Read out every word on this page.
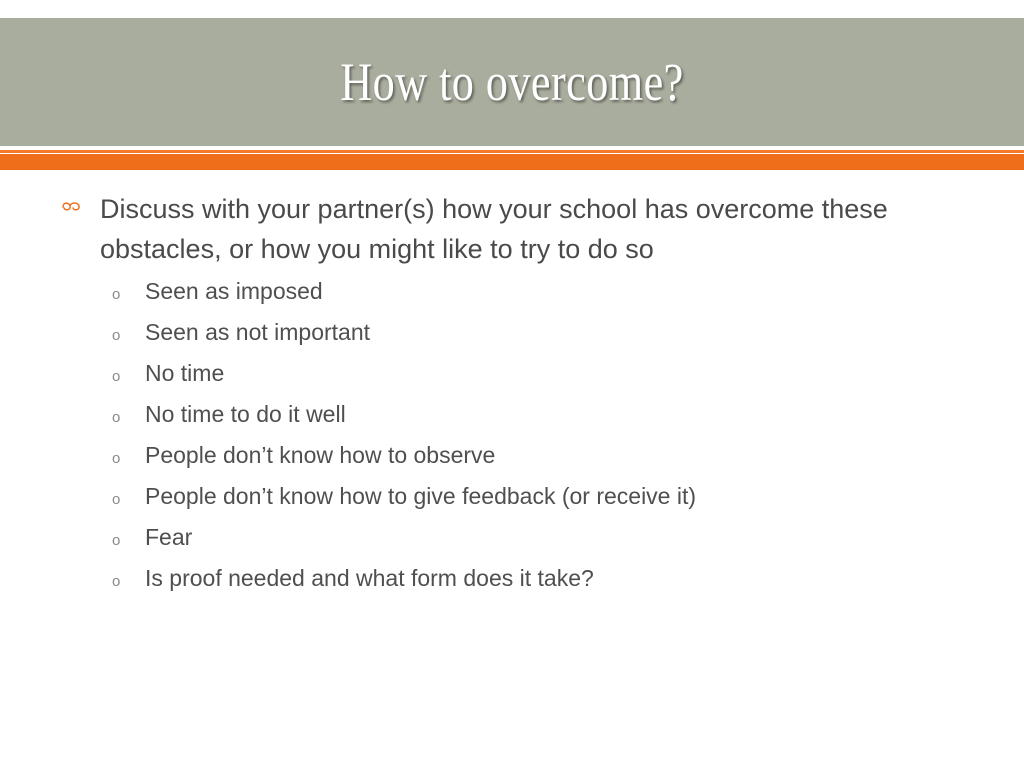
How to overcome?
Discuss with your partner(s) how your school has overcome these obstacles, or how you might like to try to do so
o	Seen as imposed
o	Seen as not important
o	No time
o	No time to do it well
o	People don’t know how to observe
o	People don’t know how to give feedback (or receive it)
o	Fear
o	Is proof needed and what form does it take?
